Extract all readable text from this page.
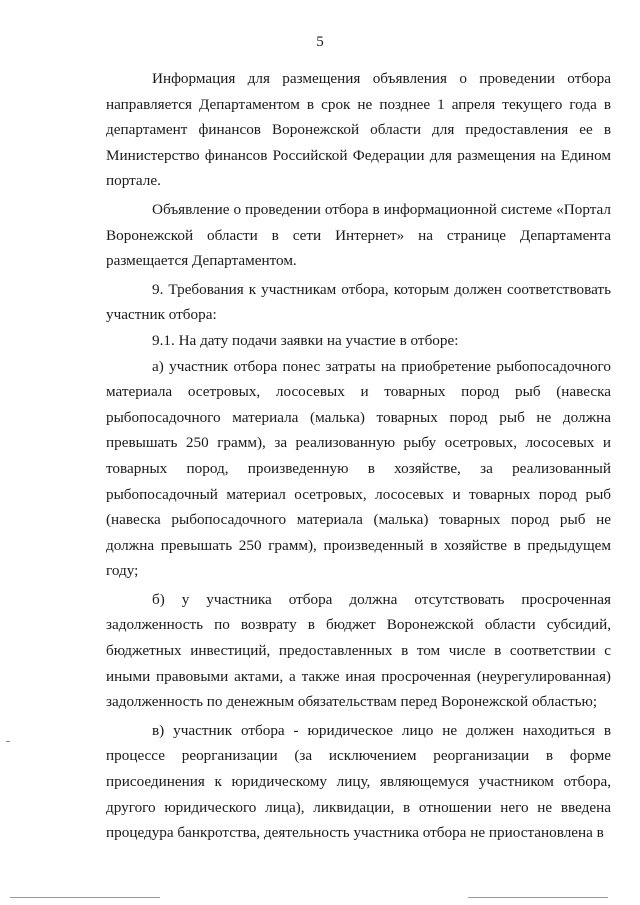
5

Информация для размещения объявления о проведении отбора направляется Департаментом в срок не позднее 1 апреля текущего года в департамент финансов Воронежской области для предоставления ее в Министерство финансов Российской Федерации для размещения на Едином портале.

Объявление о проведении отбора в информационной системе «Портал Воронежской области в сети Интернет» на странице Департамента размещается Департаментом.

9. Требования к участникам отбора, которым должен соответствовать участник отбора:

9.1. На дату подачи заявки на участие в отборе:

а) участник отбора понес затраты на приобретение рыбопосадочного материала осетровых, лососевых и товарных пород рыб (навеска рыбопосадочного материала (малька) товарных пород рыб не должна превышать 250 грамм), за реализованную рыбу осетровых, лососевых и товарных пород, произведенную в хозяйстве, за реализованный рыбопосадочный материал осетровых, лососевых и товарных пород рыб (навеска рыбопосадочного материала (малька) товарных пород рыб не должна превышать 250 грамм), произведенный в хозяйстве в предыдущем году;

б) у участника отбора должна отсутствовать просроченная задолженность по возврату в бюджет Воронежской области субсидий, бюджетных инвестиций, предоставленных в том числе в соответствии с иными правовыми актами, а также иная просроченная (неурегулированная) задолженность по денежным обязательствам перед Воронежской областью;

в) участник отбора - юридическое лицо не должен находиться в процессе реорганизации (за исключением реорганизации в форме присоединения к юридическому лицу, являющемуся участником отбора, другого юридического лица), ликвидации, в отношении него не введена процедура банкротства, деятельность участника отбора не приостановлена в
